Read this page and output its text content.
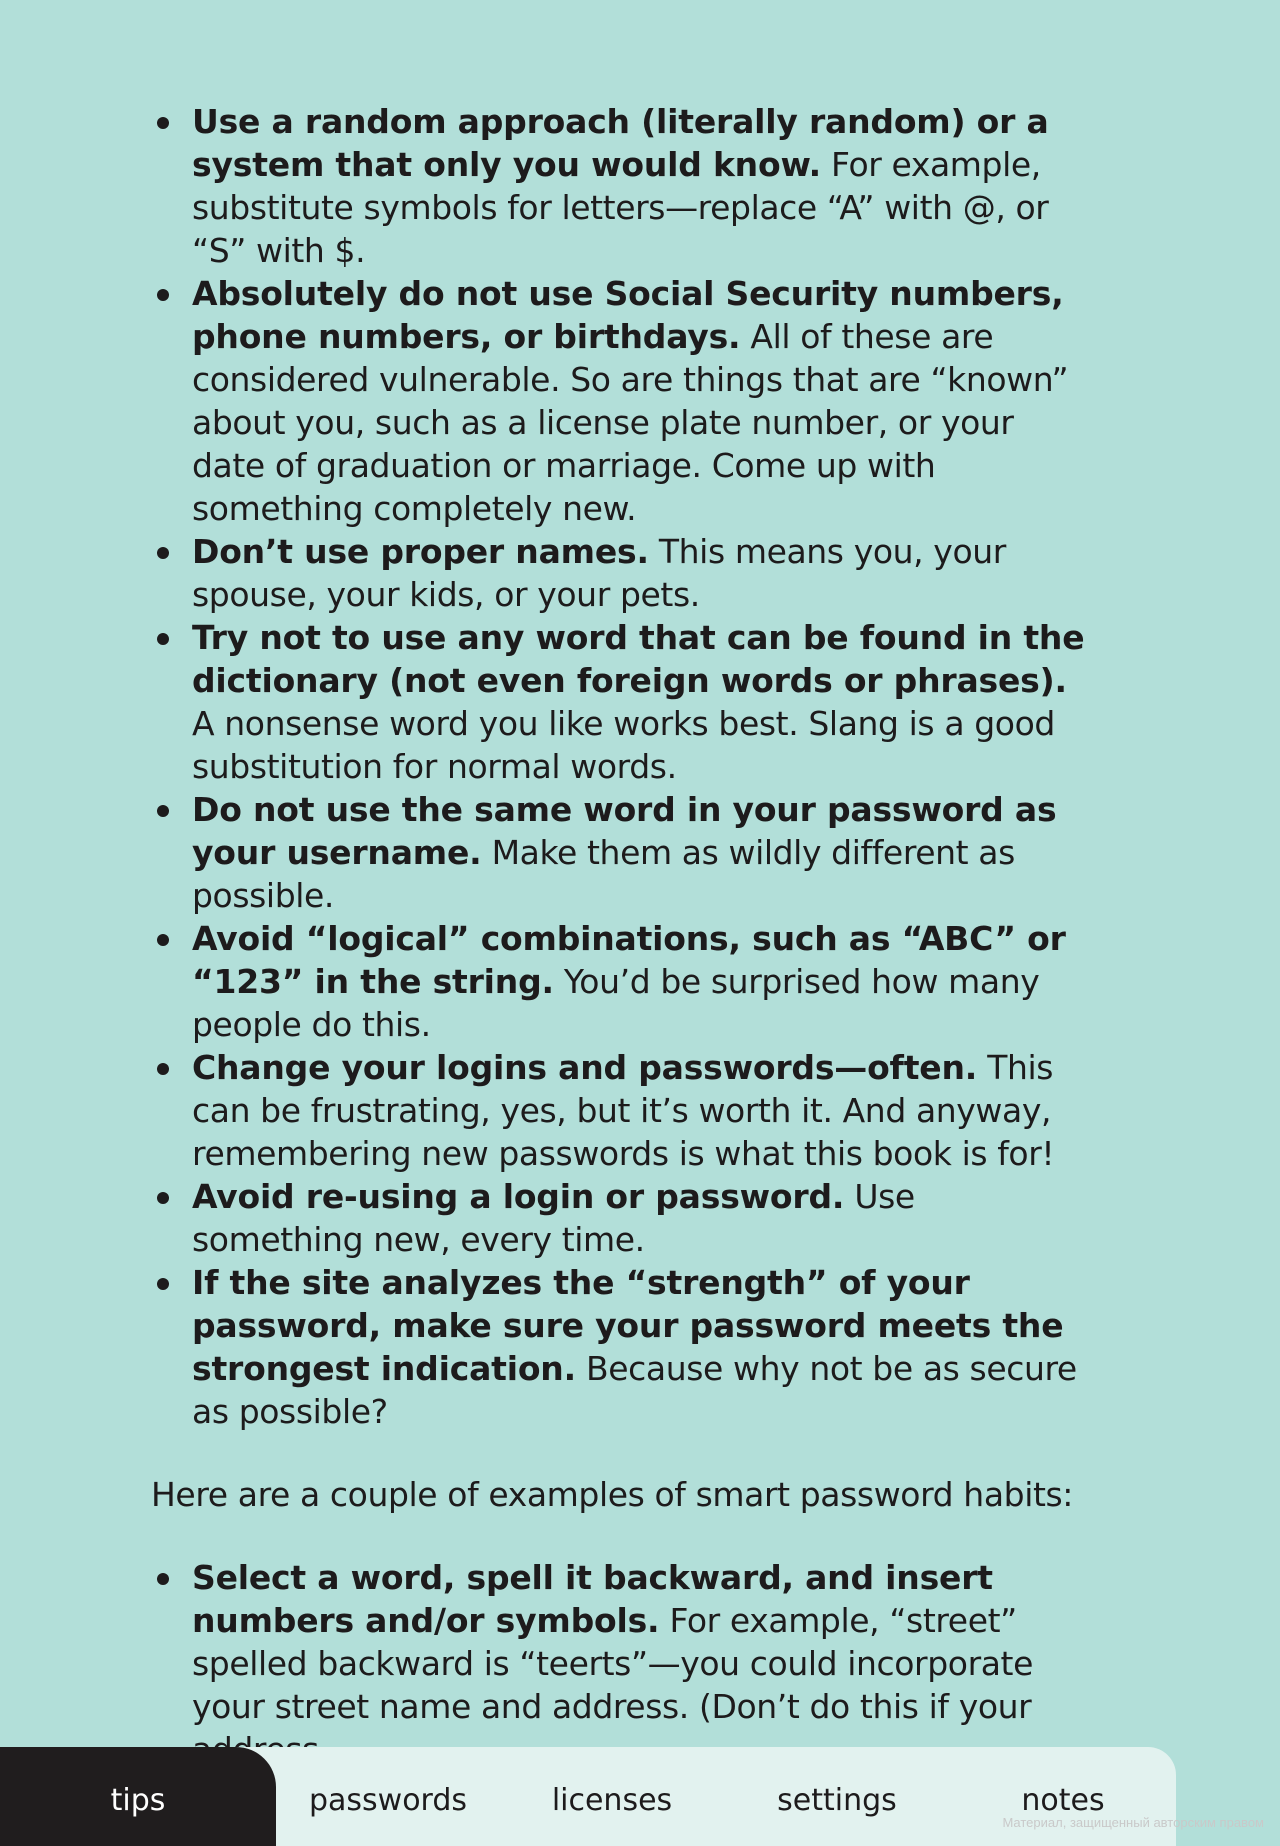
Use a random approach (literally random) or a system that only you would know. For example, substitute symbols for letters—replace “A” with @, or “S” with $.
Absolutely do not use Social Security numbers, phone numbers, or birthdays. All of these are considered vulnerable. So are things that are “known” about you, such as a license plate number, or your date of graduation or marriage. Come up with something completely new.
Don’t use proper names. This means you, your spouse, your kids, or your pets.
Try not to use any word that can be found in the dictionary (not even foreign words or phrases). A nonsense word you like works best. Slang is a good substitution for normal words.
Do not use the same word in your password as your username. Make them as wildly different as possible.
Avoid “logical” combinations, such as “ABC” or “123” in the string. You’d be surprised how many people do this.
Change your logins and passwords—often. This can be frustrating, yes, but it’s worth it. And anyway, remembering new passwords is what this book is for!
Avoid re-using a login or password. Use something new, every time.
If the site analyzes the “strength” of your password, make sure your password meets the strongest indication. Because why not be as secure as possible?

Here are a couple of examples of smart password habits:

Select a word, spell it backward, and insert numbers and/or symbols. For example, “street” spelled backward is “teerts”—you could incorporate your street name and address. (Don’t do this if your
tips	passwords	licenses	settings	notes
Материал, защищенный авторским правом
